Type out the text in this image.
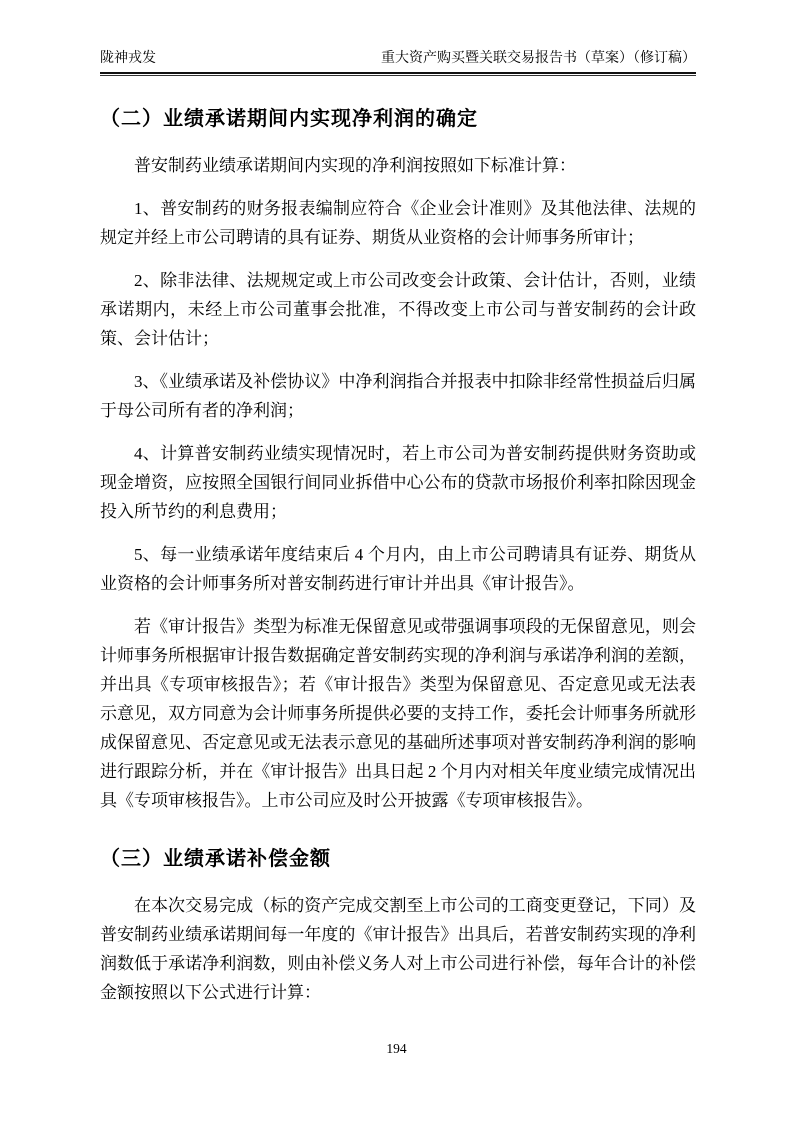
陇神戎发	重大资产购买暨关联交易报告书（草案）（修订稿）
（二）业绩承诺期间内实现净利润的确定

普安制药业绩承诺期间内实现的净利润按照如下标准计算：

1、普安制药的财务报表编制应符合《企业会计准则》及其他法律、法规的规定并经上市公司聘请的具有证券、期货从业资格的会计师事务所审计；

2、除非法律、法规规定或上市公司改变会计政策、会计估计，否则，业绩承诺期内，未经上市公司董事会批准，不得改变上市公司与普安制药的会计政策、会计估计；

3、《业绩承诺及补偿协议》中净利润指合并报表中扣除非经常性损益后归属于母公司所有者的净利润；

4、计算普安制药业绩实现情况时，若上市公司为普安制药提供财务资助或现金增资，应按照全国银行间同业拆借中心公布的贷款市场报价利率扣除因现金投入所节约的利息费用；

5、每一业绩承诺年度结束后 4 个月内，由上市公司聘请具有证券、期货从业资格的会计师事务所对普安制药进行审计并出具《审计报告》。

若《审计报告》类型为标准无保留意见或带强调事项段的无保留意见，则会计师事务所根据审计报告数据确定普安制药实现的净利润与承诺净利润的差额，并出具《专项审核报告》；若《审计报告》类型为保留意见、否定意见或无法表示意见，双方同意为会计师事务所提供必要的支持工作，委托会计师事务所就形成保留意见、否定意见或无法表示意见的基础所述事项对普安制药净利润的影响进行跟踪分析，并在《审计报告》出具日起 2 个月内对相关年度业绩完成情况出具《专项审核报告》。上市公司应及时公开披露《专项审核报告》。

（三）业绩承诺补偿金额

在本次交易完成（标的资产完成交割至上市公司的工商变更登记，下同）及普安制药业绩承诺期间每一年度的《审计报告》出具后，若普安制药实现的净利润数低于承诺净利润数，则由补偿义务人对上市公司进行补偿，每年合计的补偿金额按照以下公式进行计算：

194
